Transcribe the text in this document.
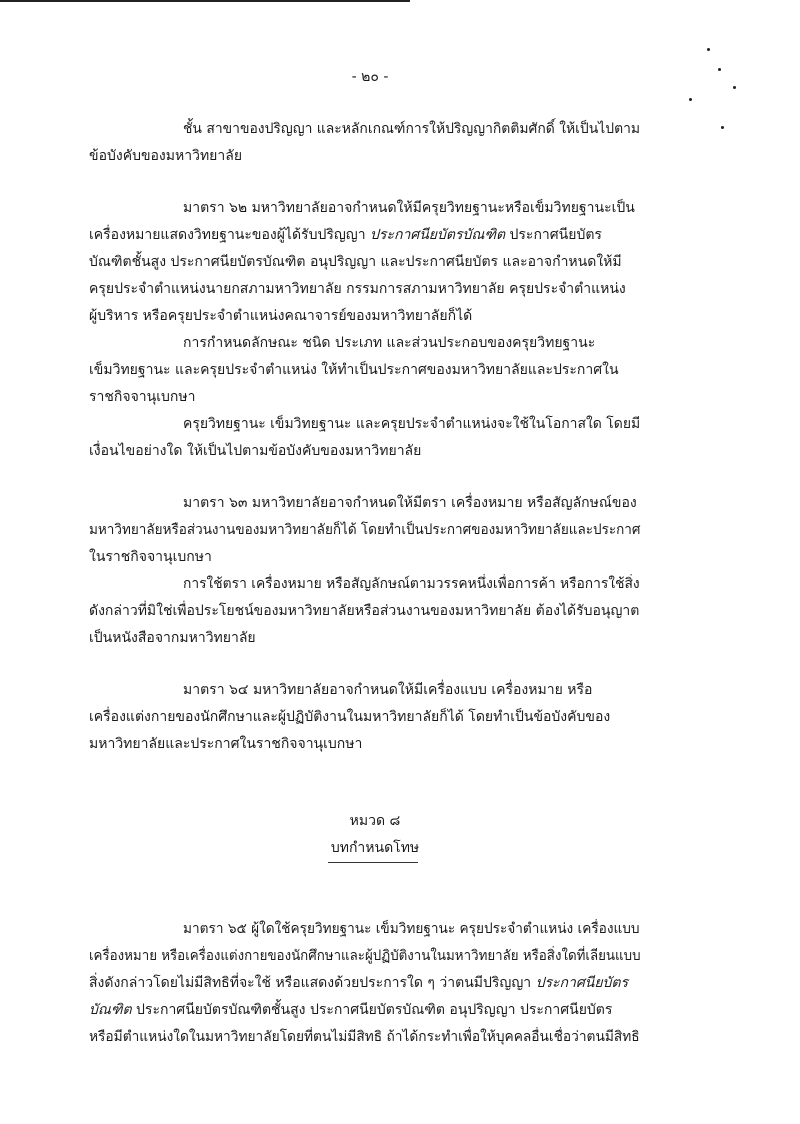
- ๒๐ -
ชั้น สาขาของปริญญา และหลักเกณฑ์การให้ปริญญากิตติมศักดิ์ ให้เป็นไปตาม
ข้อบังคับของมหาวิทยาลัย
มาตรา ๖๒ มหาวิทยาลัยอาจกำหนดให้มีครุยวิทยฐานะหรือเข็มวิทยฐานะเป็น
เครื่องหมายแสดงวิทยฐานะของผู้ได้รับปริญญา ประกาศนียบัตรบัณฑิต ประกาศนียบัตร
บัณฑิตชั้นสูง ประกาศนียบัตรบัณฑิต อนุปริญญา และประกาศนียบัตร และอาจกำหนดให้มี
ครุยประจำตำแหน่งนายกสภามหาวิทยาลัย กรรมการสภามหาวิทยาลัย ครุยประจำตำแหน่ง
ผู้บริหาร หรือครุยประจำตำแหน่งคณาจารย์ของมหาวิทยาลัยก็ได้
การกำหนดลักษณะ ชนิด ประเภท และส่วนประกอบของครุยวิทยฐานะ
เข็มวิทยฐานะ และครุยประจำตำแหน่ง ให้ทำเป็นประกาศของมหาวิทยาลัยและประกาศใน
ราชกิจจานุเบกษา
ครุยวิทยฐานะ เข็มวิทยฐานะ และครุยประจำตำแหน่งจะใช้ในโอกาสใด โดยมี
เงื่อนไขอย่างใด ให้เป็นไปตามข้อบังคับของมหาวิทยาลัย
มาตรา ๖๓ มหาวิทยาลัยอาจกำหนดให้มีตรา เครื่องหมาย หรือสัญลักษณ์ของ
มหาวิทยาลัยหรือส่วนงานของมหาวิทยาลัยก็ได้ โดยทำเป็นประกาศของมหาวิทยาลัยและประกาศ
ในราชกิจจานุเบกษา
การใช้ตรา เครื่องหมาย หรือสัญลักษณ์ตามวรรคหนึ่งเพื่อการค้า หรือการใช้สิ่ง
ดังกล่าวที่มิใช่เพื่อประโยชน์ของมหาวิทยาลัยหรือส่วนงานของมหาวิทยาลัย ต้องได้รับอนุญาต
เป็นหนังสือจากมหาวิทยาลัย
มาตรา ๖๔ มหาวิทยาลัยอาจกำหนดให้มีเครื่องแบบ เครื่องหมาย หรือ
เครื่องแต่งกายของนักศึกษาและผู้ปฏิบัติงานในมหาวิทยาลัยก็ได้ โดยทำเป็นข้อบังคับของ
มหาวิทยาลัยและประกาศในราชกิจจานุเบกษา
หมวด ๘
บทกำหนดโทษ
มาตรา ๖๕ ผู้ใดใช้ครุยวิทยฐานะ เข็มวิทยฐานะ ครุยประจำตำแหน่ง เครื่องแบบ
เครื่องหมาย หรือเครื่องแต่งกายของนักศึกษาและผู้ปฏิบัติงานในมหาวิทยาลัย หรือสิ่งใดที่เลียนแบบ
สิ่งดังกล่าวโดยไม่มีสิทธิที่จะใช้ หรือแสดงด้วยประการใด ๆ ว่าตนมีปริญญา ประกาศนียบัตร
บัณฑิต ประกาศนียบัตรบัณฑิตชั้นสูง ประกาศนียบัตรบัณฑิต อนุปริญญา ประกาศนียบัตร
หรือมีตำแหน่งใดในมหาวิทยาลัยโดยที่ตนไม่มีสิทธิ ถ้าได้กระทำเพื่อให้บุคคลอื่นเชื่อว่าตนมีสิทธิ
